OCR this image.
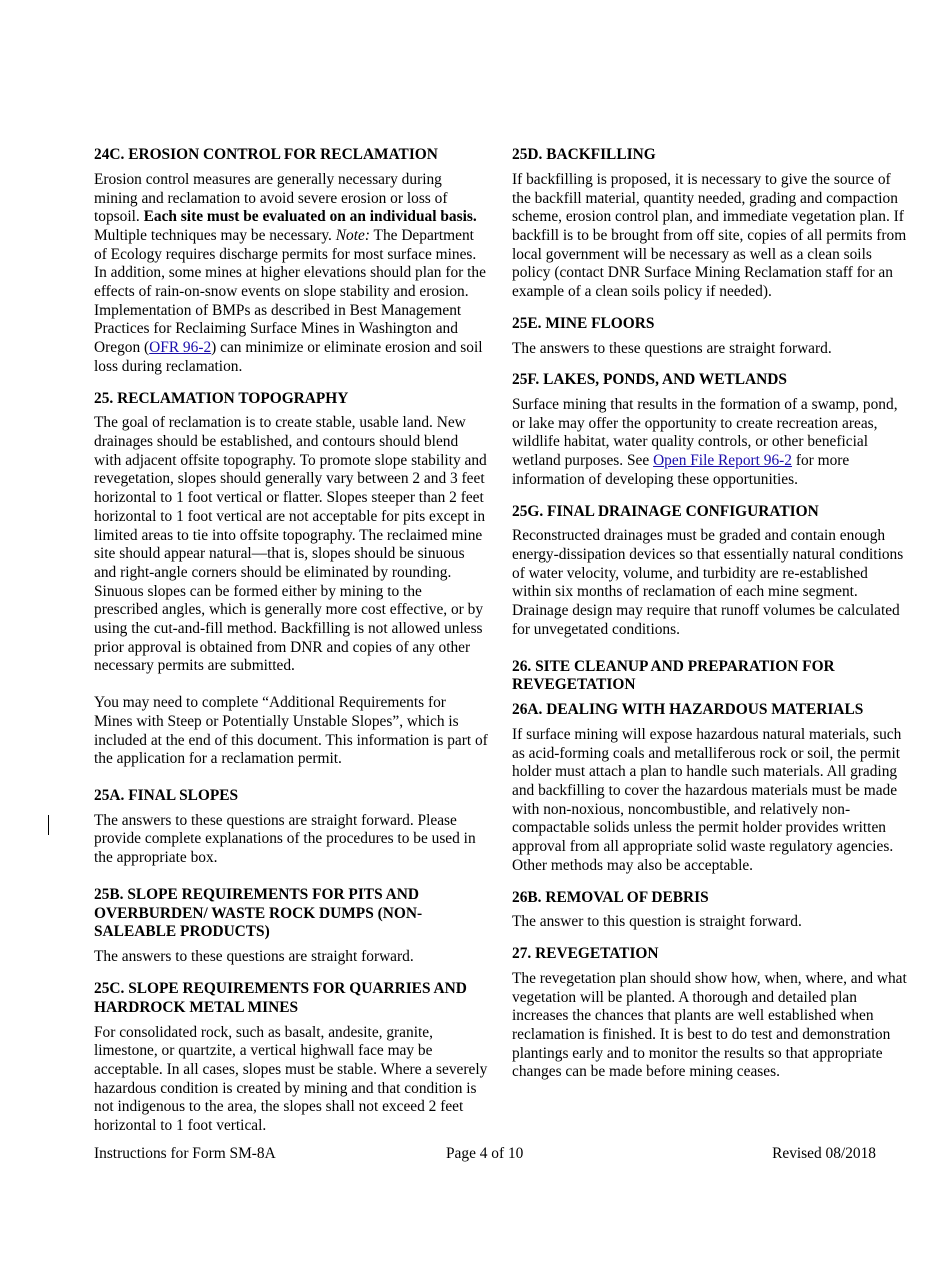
24C. EROSION CONTROL FOR RECLAMATION
Erosion control measures are generally necessary during mining and reclamation to avoid severe erosion or loss of topsoil. Each site must be evaluated on an individual basis. Multiple techniques may be necessary. Note: The Department of Ecology requires discharge permits for most surface mines. In addition, some mines at higher elevations should plan for the effects of rain-on-snow events on slope stability and erosion. Implementation of BMPs as described in Best Management Practices for Reclaiming Surface Mines in Washington and Oregon (OFR 96-2) can minimize or eliminate erosion and soil loss during reclamation.
25. RECLAMATION TOPOGRAPHY
The goal of reclamation is to create stable, usable land. New drainages should be established, and contours should blend with adjacent offsite topography. To promote slope stability and revegetation, slopes should generally vary between 2 and 3 feet horizontal to 1 foot vertical or flatter. Slopes steeper than 2 feet horizontal to 1 foot vertical are not acceptable for pits except in limited areas to tie into offsite topography. The reclaimed mine site should appear natural—that is, slopes should be sinuous and right-angle corners should be eliminated by rounding. Sinuous slopes can be formed either by mining to the prescribed angles, which is generally more cost effective, or by using the cut-and-fill method. Backfilling is not allowed unless prior approval is obtained from DNR and copies of any other necessary permits are submitted.
You may need to complete “Additional Requirements for Mines with Steep or Potentially Unstable Slopes”, which is included at the end of this document. This information is part of the application for a reclamation permit.
25A. FINAL SLOPES
The answers to these questions are straight forward. Please provide complete explanations of the procedures to be used in the appropriate box.
25B. SLOPE REQUIREMENTS FOR PITS AND OVERBURDEN/ WASTE ROCK DUMPS (NON-SALEABLE PRODUCTS)
The answers to these questions are straight forward.
25C. SLOPE REQUIREMENTS FOR QUARRIES AND HARDROCK METAL MINES
For consolidated rock, such as basalt, andesite, granite, limestone, or quartzite, a vertical highwall face may be acceptable. In all cases, slopes must be stable. Where a severely hazardous condition is created by mining and that condition is not indigenous to the area, the slopes shall not exceed 2 feet horizontal to 1 foot vertical.
25D. BACKFILLING
If backfilling is proposed, it is necessary to give the source of the backfill material, quantity needed, grading and compaction scheme, erosion control plan, and immediate vegetation plan. If backfill is to be brought from off site, copies of all permits from local government will be necessary as well as a clean soils policy (contact DNR Surface Mining Reclamation staff for an example of a clean soils policy if needed).
25E. MINE FLOORS
The answers to these questions are straight forward.
25F. LAKES, PONDS, AND WETLANDS
Surface mining that results in the formation of a swamp, pond, or lake may offer the opportunity to create recreation areas, wildlife habitat, water quality controls, or other beneficial wetland purposes. See Open File Report 96-2 for more information of developing these opportunities.
25G. FINAL DRAINAGE CONFIGURATION
Reconstructed drainages must be graded and contain enough energy-dissipation devices so that essentially natural conditions of water velocity, volume, and turbidity are re-established within six months of reclamation of each mine segment. Drainage design may require that runoff volumes be calculated for unvegetated conditions.
26. SITE CLEANUP AND PREPARATION FOR REVEGETATION
26A. DEALING WITH HAZARDOUS MATERIALS
If surface mining will expose hazardous natural materials, such as acid-forming coals and metalliferous rock or soil, the permit holder must attach a plan to handle such materials. All grading and backfilling to cover the hazardous materials must be made with non-noxious, noncombustible, and relatively non-compactable solids unless the permit holder provides written approval from all appropriate solid waste regulatory agencies. Other methods may also be acceptable.
26B. REMOVAL OF DEBRIS
The answer to this question is straight forward.
27. REVEGETATION
The revegetation plan should show how, when, where, and what vegetation will be planted. A thorough and detailed plan increases the chances that plants are well established when reclamation is finished. It is best to do test and demonstration plantings early and to monitor the results so that appropriate changes can be made before mining ceases.
Instructions for Form SM-8A	Page 4 of 10	Revised 08/2018
